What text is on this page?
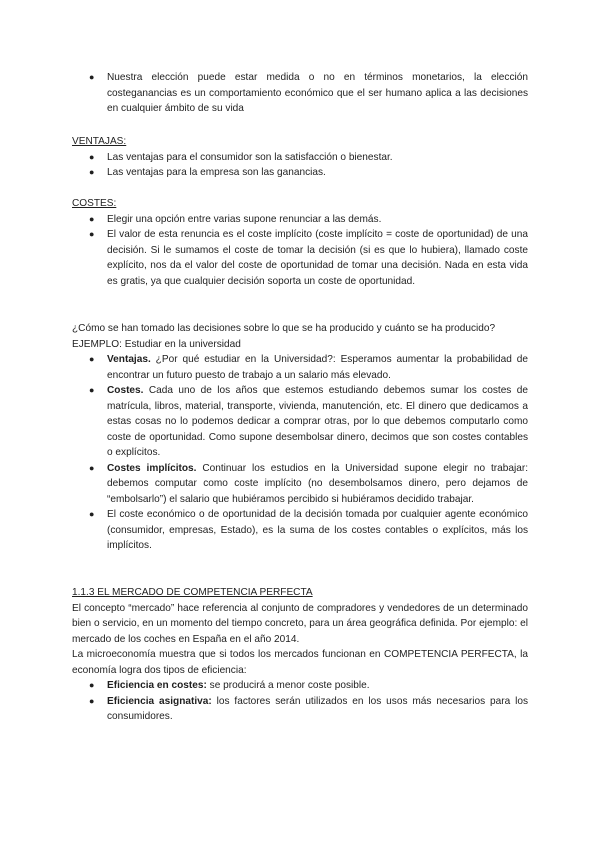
● Nuestra elección puede estar medida o no en términos monetarios, la elección costeganancias es un comportamiento económico que el ser humano aplica a las decisiones en cualquier ámbito de su vida
VENTAJAS:
● Las ventajas para el consumidor son la satisfacción o bienestar.
● Las ventajas para la empresa son las ganancias.
COSTES:
● Elegir una opción entre varias supone renunciar a las demás.
● El valor de esta renuncia es el coste implícito (coste implícito = coste de oportunidad) de una decisión. Si le sumamos el coste de tomar la decisión (si es que lo hubiera), llamado coste explícito, nos da el valor del coste de oportunidad de tomar una decisión. Nada en esta vida es gratis, ya que cualquier decisión soporta un coste de oportunidad.
¿Cómo se han tomado las decisiones sobre lo que se ha producido y cuánto se ha producido?
EJEMPLO: Estudiar en la universidad
● Ventajas. ¿Por qué estudiar en la Universidad?: Esperamos aumentar la probabilidad de encontrar un futuro puesto de trabajo a un salario más elevado.
● Costes. Cada uno de los años que estemos estudiando debemos sumar los costes de matrícula, libros, material, transporte, vivienda, manutención, etc. El dinero que dedicamos a estas cosas no lo podemos dedicar a comprar otras, por lo que debemos computarlo como coste de oportunidad. Como supone desembolsar dinero, decimos que son costes contables o explícitos.
● Costes implícitos. Continuar los estudios en la Universidad supone elegir no trabajar: debemos computar como coste implícito (no desembolsamos dinero, pero dejamos de “embolsarlo”) el salario que hubiéramos percibido si hubiéramos decidido trabajar.
● El coste económico o de oportunidad de la decisión tomada por cualquier agente económico (consumidor, empresas, Estado), es la suma de los costes contables o explícitos, más los implícitos.
1.1.3 EL MERCADO DE COMPETENCIA PERFECTA
El concepto “mercado” hace referencia al conjunto de compradores y vendedores de un determinado bien o servicio, en un momento del tiempo concreto, para un área geográfica definida. Por ejemplo: el mercado de los coches en España en el año 2014.
La microeconomía muestra que si todos los mercados funcionan en COMPETENCIA PERFECTA, la economía logra dos tipos de eficiencia:
● Eficiencia en costes: se producirá a menor coste posible.
● Eficiencia asignativa: los factores serán utilizados en los usos más necesarios para los consumidores.
